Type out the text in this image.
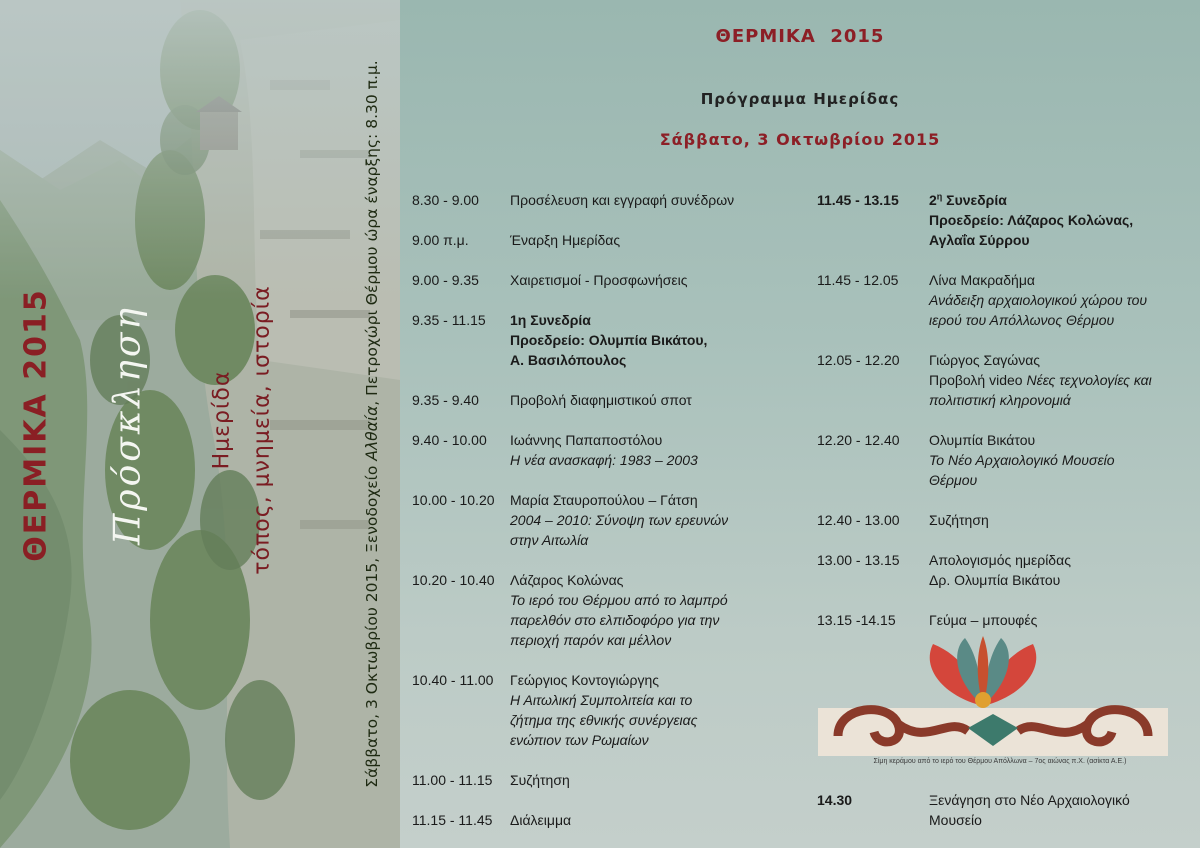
ΘΕΡΜΙΚΑ 2015 Πρόσκληση	Ημερίδα τόπος, μνημεία, ιστορία
Σάββατο, 3 Οκτωβρίου 2015, Ξενοδοχείο Αλθαία, Πετροχώρι Θέρμου ώρα έναρξης: 8.30 π.μ.
ΘΕΡΜΙΚΑ  2015
Πρόγραμμα Ημερίδας
Σάββατο, 3 Οκτωβρίου 2015
8.30 - 9.00	Προσέλευση και εγγραφή συνέδρων
9.00 π.μ.	Έναρξη Ημερίδας
9.00 - 9.35	Χαιρετισμοί - Προσφωνήσεις
9.35 - 11.15	1η Συνεδρία
Προεδρείο: Ολυμπία Βικάτου,
Α. Βασιλόπουλος
9.35 - 9.40	Προβολή διαφημιστικού σποτ
9.40 - 10.00	Ιωάννης Παπαποστόλου
Η νέα ανασκαφή: 1983 – 2003
10.00 - 10.20	Μαρία Σταυροπούλου – Γάτση
2004 – 2010: Σύνοψη των ερευνών
στην Αιτωλία
10.20 - 10.40	Λάζαρος Κολώνας
Το ιερό του Θέρμου από το λαμπρό
παρελθόν στο ελπιδοφόρο για την
περιοχή παρόν και μέλλον
10.40 - 11.00	Γεώργιος Κοντογιώργης
Η Αιτωλική Συμπολιτεία και το
ζήτημα της εθνικής συνέργειας
ενώπιον των Ρωμαίων
11.00 - 11.15	Συζήτηση
11.15 - 11.45	Διάλειμμα
11.45 - 13.15	$2^\eta$ Συνεδρία
Προεδρείο: Λάζαρος Κολώνας,
Αγλαΐα Σύρρου
11.45 - 12.05	Λίνα Μακραδήμα
Ανάδειξη αρχαιολογικού χώρου του
ιερού του Απόλλωνος Θέρμου
12.05 - 12.20	Γιώργος Σαγώνας
Προβολή video Νέες τεχνολογίες και
πολιτιστική κληρονομιά
12.20 - 12.40	Ολυμπία Βικάτου
Το Νέο Αρχαιολογικό Μουσείο
Θέρμου
12.40 - 13.00	Συζήτηση
13.00 - 13.15	Απολογισμός ημερίδας
Δρ. Ολυμπία Βικάτου
13.15 -14.15	Γεύμα – μπουφές
14.30	Ξενάγηση στο Νέο Αρχαιολογικό
Μουσείο
Σίμη κεράμου από το ιερό του Θέρμου Απόλλωνα – 7ος αιώνας π.Χ. (ασίκτα Α.Ε.)
